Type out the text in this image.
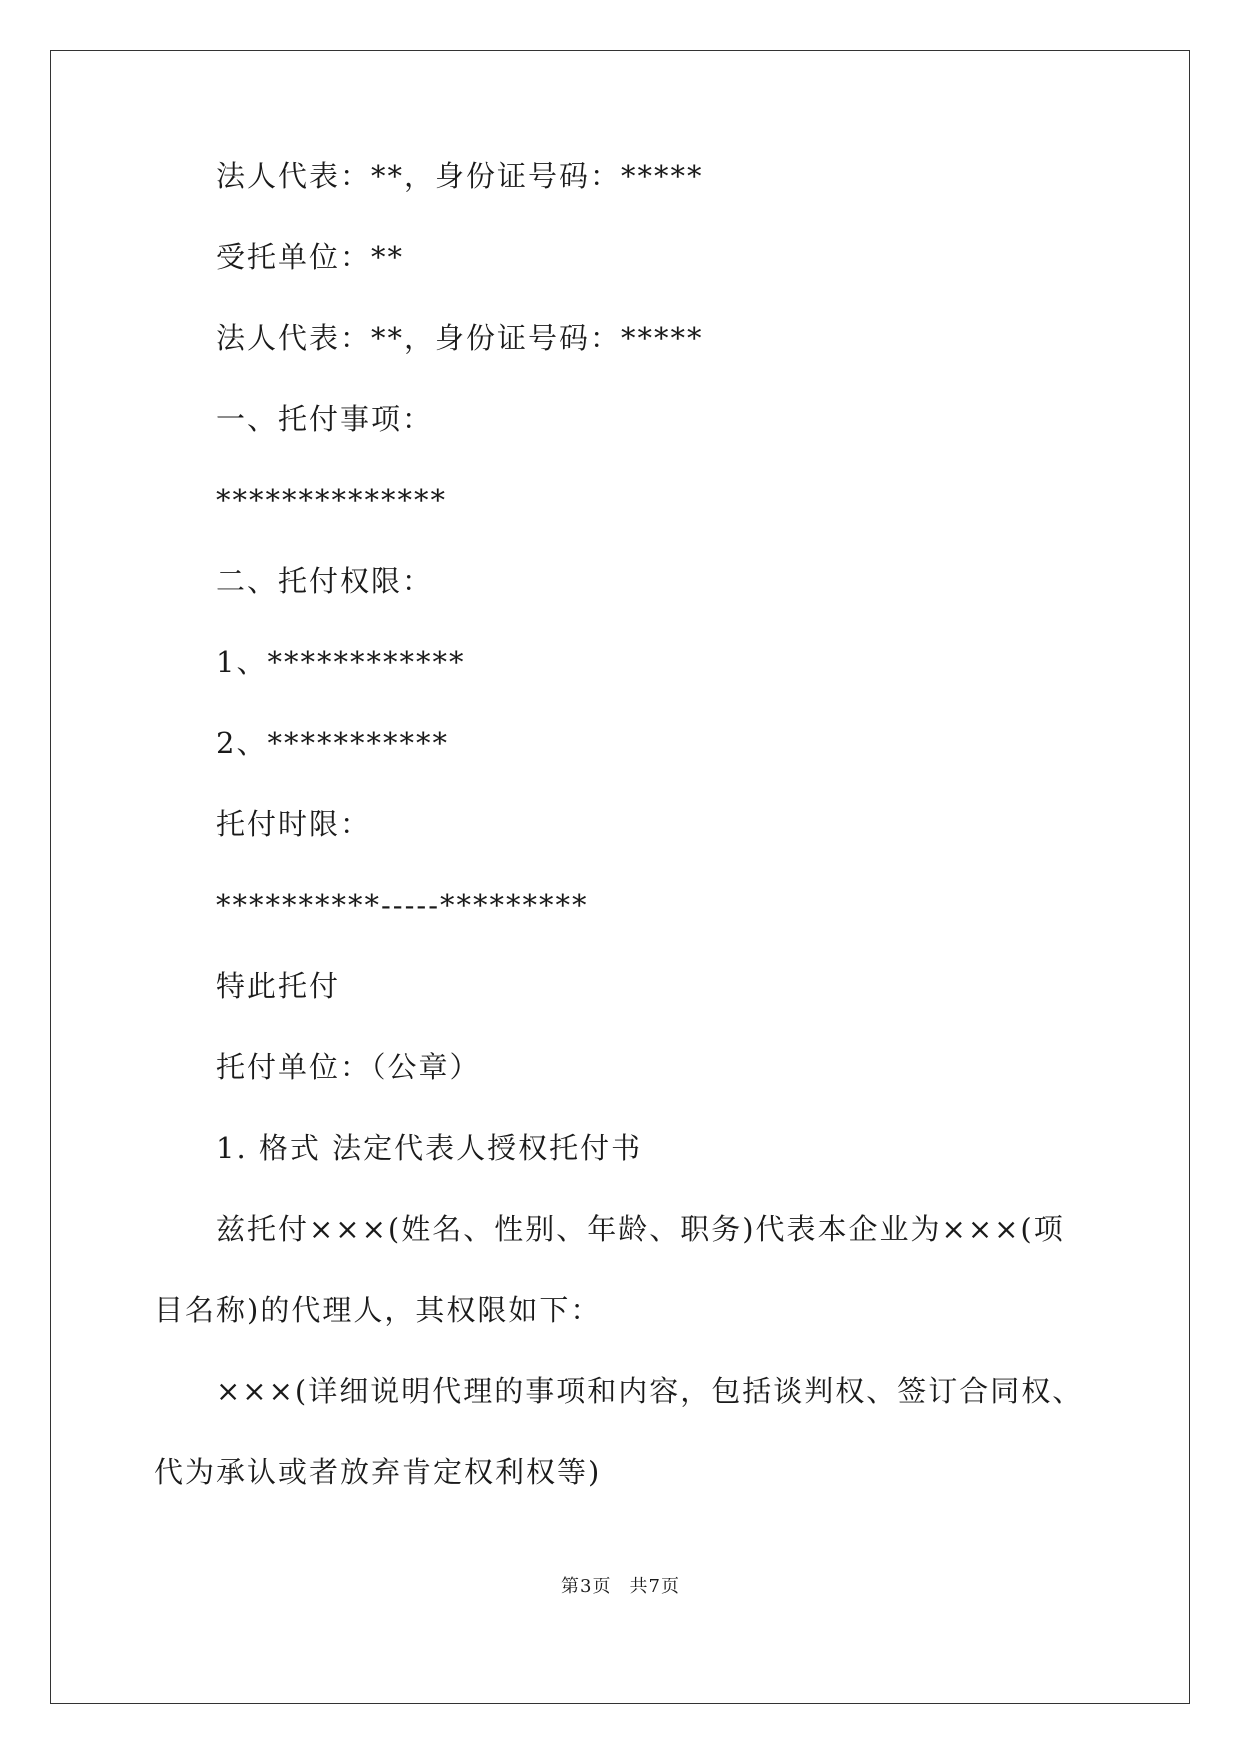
法人代表：**，身份证号码：*****
受托单位：**
法人代表：**，身份证号码：*****
一、托付事项：
**************
二、托付权限：
1、************
2、***********
托付时限：
**********-----*********
特此托付
托付单位：（公章）
1. 格式 法定代表人授权托付书
兹托付×××(姓名、性别、年龄、职务)代表本企业为×××(项
目名称)的代理人，其权限如下：
×××(详细说明代理的事项和内容，包括谈判权、签订合同权、
代为承认或者放弃肯定权利权等)
第3页 共7页
